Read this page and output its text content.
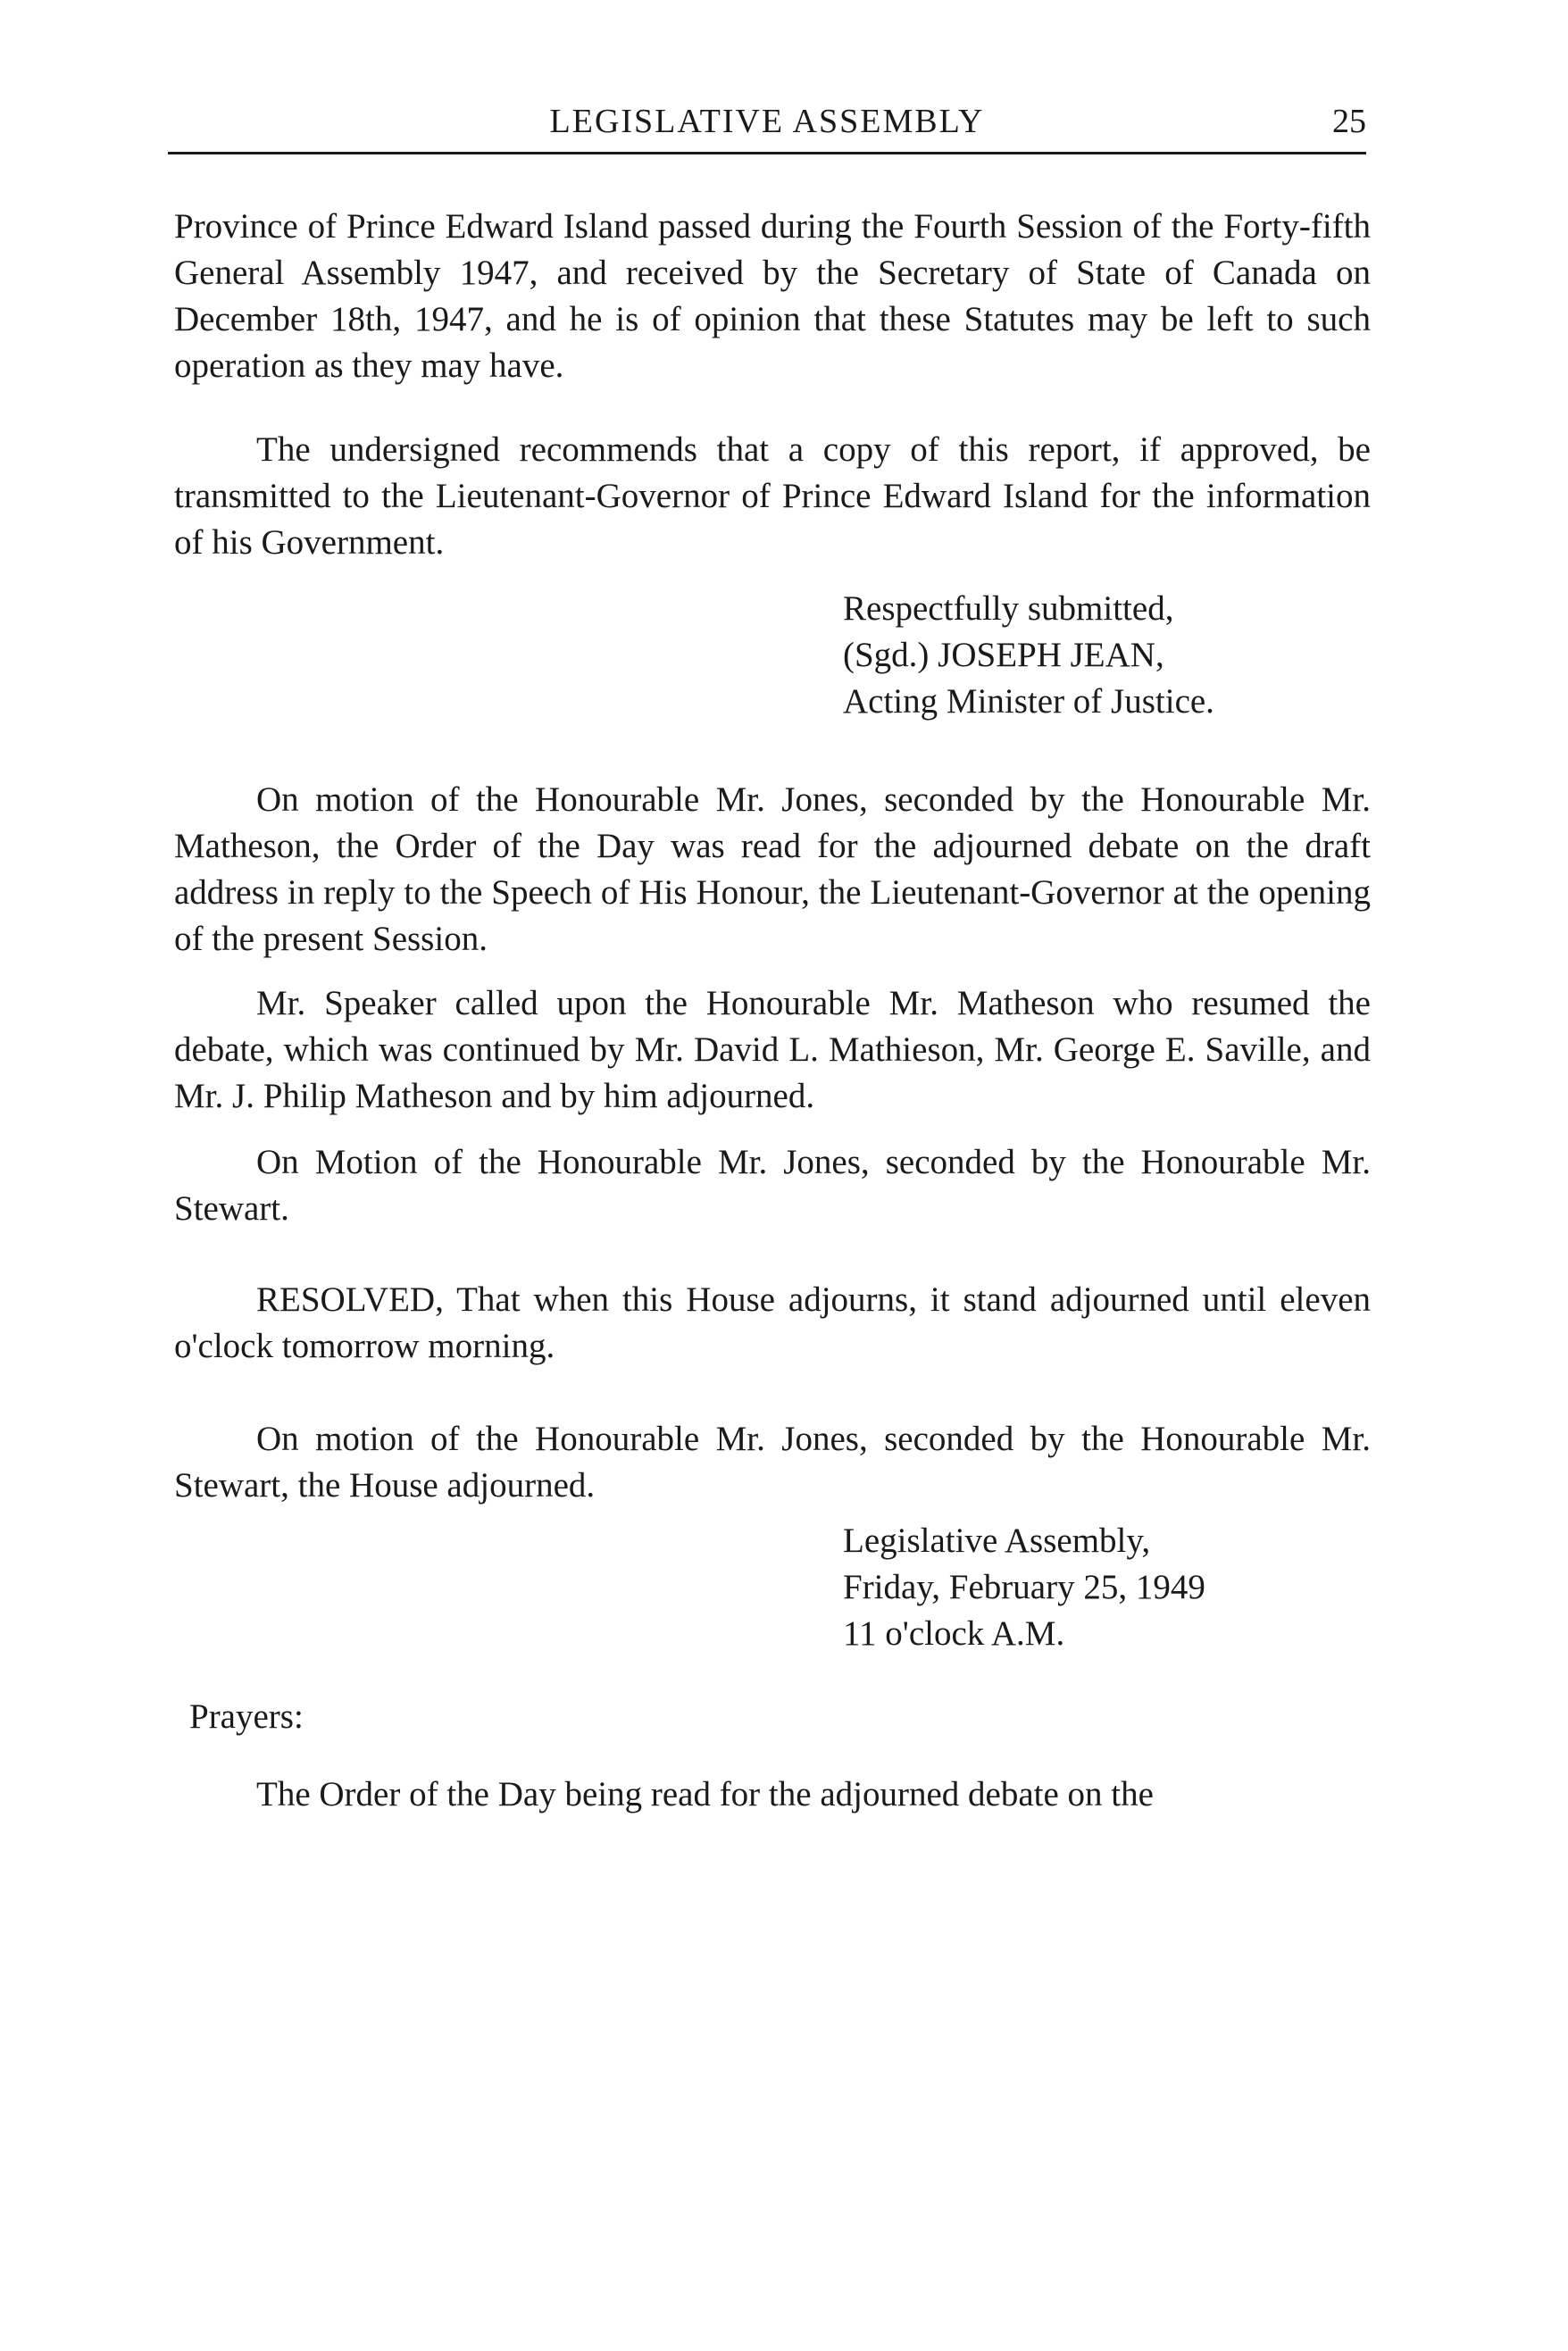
LEGISLATIVE ASSEMBLY	25

Province of Prince Edward Island passed during the Fourth Session of the Forty-fifth General Assembly 1947, and received by the Secretary of State of Canada on December 18th, 1947, and he is of opinion that these Statutes may be left to such operation as they may have.

The undersigned recommends that a copy of this report, if approved, be transmitted to the Lieutenant-Governor of Prince Edward Island for the information of his Government.

Respectfully submitted,
(Sgd.) JOSEPH JEAN,
Acting Minister of Justice.

On motion of the Honourable Mr. Jones, seconded by the Honourable Mr. Matheson, the Order of the Day was read for the adjourned debate on the draft address in reply to the Speech of His Honour, the Lieutenant-Governor at the opening of the present Session.

Mr. Speaker called upon the Honourable Mr. Matheson who resumed the debate, which was continued by Mr. David L. Mathieson, Mr. George E. Saville, and Mr. J. Philip Matheson and by him adjourned.

On Motion of the Honourable Mr. Jones, seconded by the Honourable Mr. Stewart.

RESOLVED, That when this House adjourns, it stand adjourned until eleven o'clock tomorrow morning.

On motion of the Honourable Mr. Jones, seconded by the Honourable Mr. Stewart, the House adjourned.

Legislative Assembly,
Friday, February 25, 1949
11 o'clock A.M.

Prayers:

The Order of the Day being read for the adjourned debate on the
